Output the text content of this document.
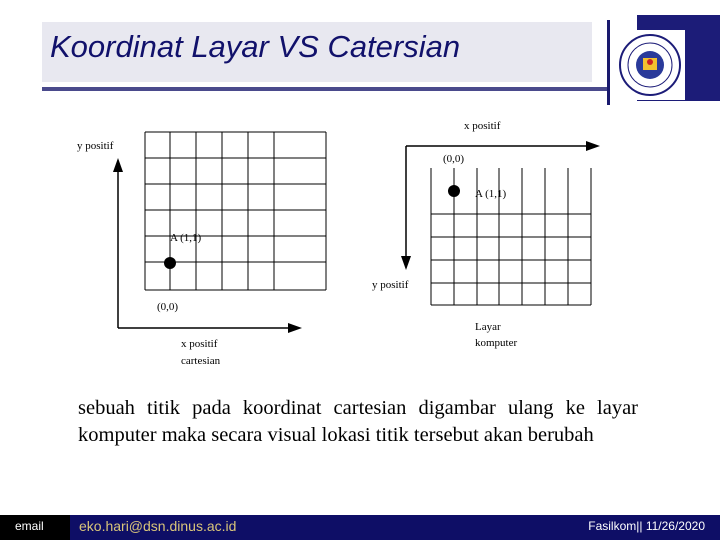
Koordinat Layar VS Catersian
y positif
A (1,1)
(0,0)
x positif
cartesian
x positif
(0,0)
A (1,1)
y positif
Layar
komputer
sebuah titik pada koordinat cartesian digambar ulang ke layar komputer maka secara visual lokasi titik tersebut akan berubah
email	eko.hari@dsn.dinus.ac.id	Fasilkom|| 11/26/2020
